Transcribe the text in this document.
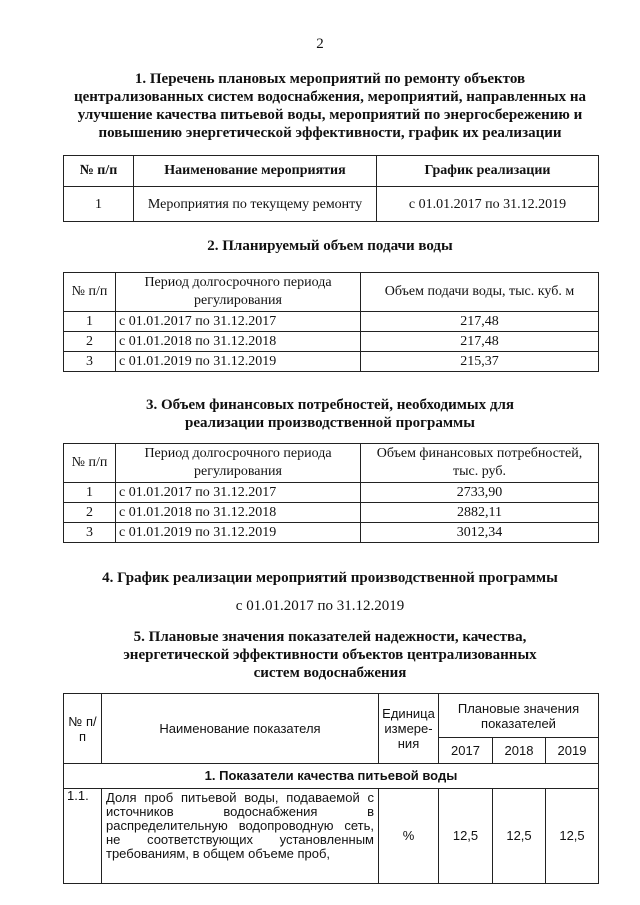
2
1. Перечень плановых мероприятий по ремонту объектов
централизованных систем водоснабжения, мероприятий, направленных на
улучшение качества питьевой воды, мероприятий по энергосбережению и
повышению энергетической эффективности, график их реализации
№ п/п	Наименование мероприятия	График реализации
1	Мероприятия по текущему ремонту	с 01.01.2017 по 31.12.2019
2. Планируемый объем подачи воды
№ п/п	Период долгосрочного периода регулирования	Объем подачи воды, тыс. куб. м
1	с 01.01.2017 по 31.12.2017	217,48
2	с 01.01.2018 по 31.12.2018	217,48
3	с 01.01.2019 по 31.12.2019	215,37
3. Объем финансовых потребностей, необходимых для
реализации производственной программы
№ п/п	Период долгосрочного периода регулирования	Объем финансовых потребностей, тыс. руб.
1	с 01.01.2017 по 31.12.2017	2733,90
2	с 01.01.2018 по 31.12.2018	2882,11
3	с 01.01.2019 по 31.12.2019	3012,34
4. График реализации мероприятий производственной программы
с 01.01.2017 по 31.12.2019
5. Плановые значения показателей надежности, качества,
энергетической эффективности объектов централизованных
систем водоснабжения
№ п/п	Наименование показателя	Единица измере-ния	Плановые значения показателей		
			2017	2018	2019
1. Показатели качества питьевой воды					
1.1.	Доля проб питьевой воды, подаваемой с источников водоснабжения в распределительную водопроводную сеть, не соответствующих установленным требованиям, в общем объеме проб,	%	12,5	12,5	12,5
